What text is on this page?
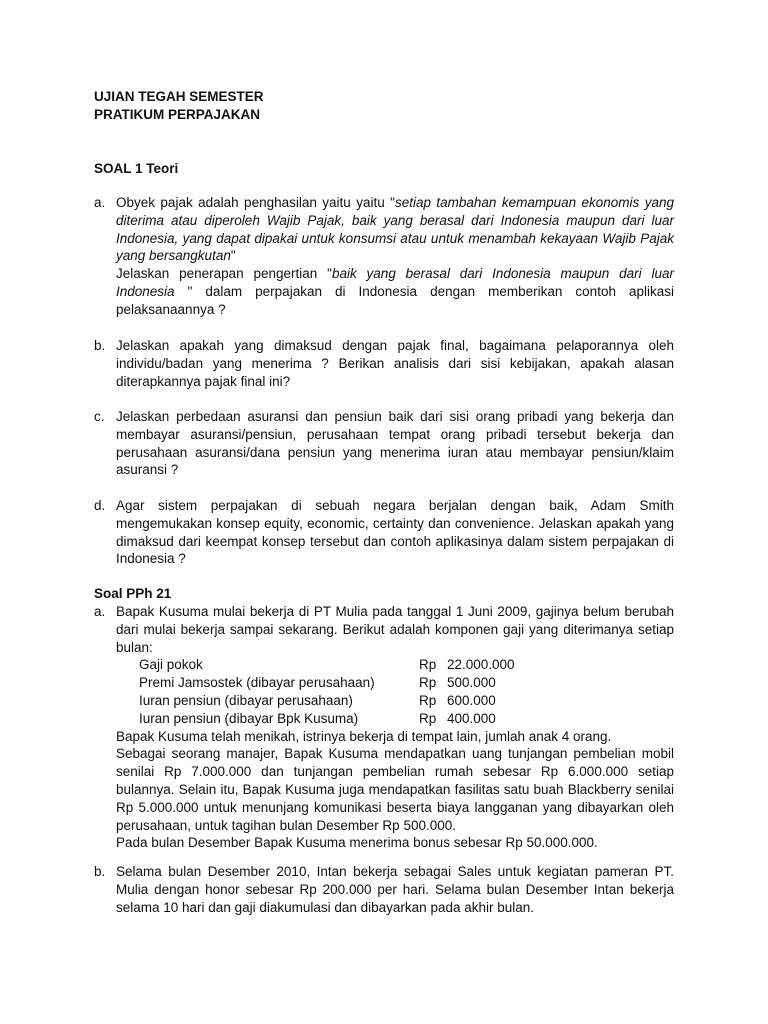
UJIAN TEGAH SEMESTER
PRATIKUM PERPAJAKAN
SOAL 1 Teori
a. Obyek pajak adalah penghasilan yaitu yaitu "setiap tambahan kemampuan ekonomis yang diterima atau diperoleh Wajib Pajak, baik yang berasal dari Indonesia maupun dari luar Indonesia, yang dapat dipakai untuk konsumsi atau untuk menambah kekayaan Wajib Pajak yang bersangkutan"

Jelaskan penerapan pengertian "baik yang berasal dari Indonesia maupun dari luar Indonesia " dalam perpajakan di Indonesia dengan memberikan contoh aplikasi pelaksanaannya ?

b. Jelaskan apakah yang dimaksud dengan pajak final, bagaimana pelaporannya oleh individu/badan yang menerima ? Berikan analisis dari sisi kebijakan, apakah alasan diterapkannya pajak final ini?

c. Jelaskan perbedaan asuransi dan pensiun baik dari sisi orang pribadi yang bekerja dan membayar asuransi/pensiun, perusahaan tempat orang pribadi tersebut bekerja dan perusahaan asuransi/dana pensiun yang menerima iuran atau membayar pensiun/klaim asuransi ?

d. Agar sistem perpajakan di sebuah negara berjalan dengan baik, Adam Smith mengemukakan konsep equity, economic, certainty dan convenience. Jelaskan apakah yang dimaksud dari keempat konsep tersebut dan contoh aplikasinya dalam sistem perpajakan di Indonesia ?

Soal PPh 21
a. Bapak Kusuma mulai bekerja di PT Mulia pada tanggal 1 Juni 2009, gajinya belum berubah dari mulai bekerja sampai sekarang. Berikut adalah komponen gaji yang diterimanya setiap bulan:

Gaji pokok	Rp 22.000.000
Premi Jamsostek (dibayar perusahaan)	Rp 500.000
Iuran pensiun (dibayar perusahaan)	Rp 600.000
Iuran pensiun (dibayar Bpk Kusuma)	Rp 400.000

Bapak Kusuma telah menikah, istrinya bekerja di tempat lain, jumlah anak 4 orang.

Sebagai seorang manajer, Bapak Kusuma mendapatkan uang tunjangan pembelian mobil senilai Rp 7.000.000 dan tunjangan pembelian rumah sebesar Rp 6.000.000 setiap bulannya. Selain itu, Bapak Kusuma juga mendapatkan fasilitas satu buah Blackberry senilai Rp 5.000.000 untuk menunjang komunikasi beserta biaya langganan yang dibayarkan oleh perusahaan, untuk tagihan bulan Desember Rp 500.000.

Pada bulan Desember Bapak Kusuma menerima bonus sebesar Rp 50.000.000.

b. Selama bulan Desember 2010, Intan bekerja sebagai Sales untuk kegiatan pameran PT. Mulia dengan honor sebesar Rp 200.000 per hari. Selama bulan Desember Intan bekerja selama 10 hari dan gaji diakumulasi dan dibayarkan pada akhir bulan.
